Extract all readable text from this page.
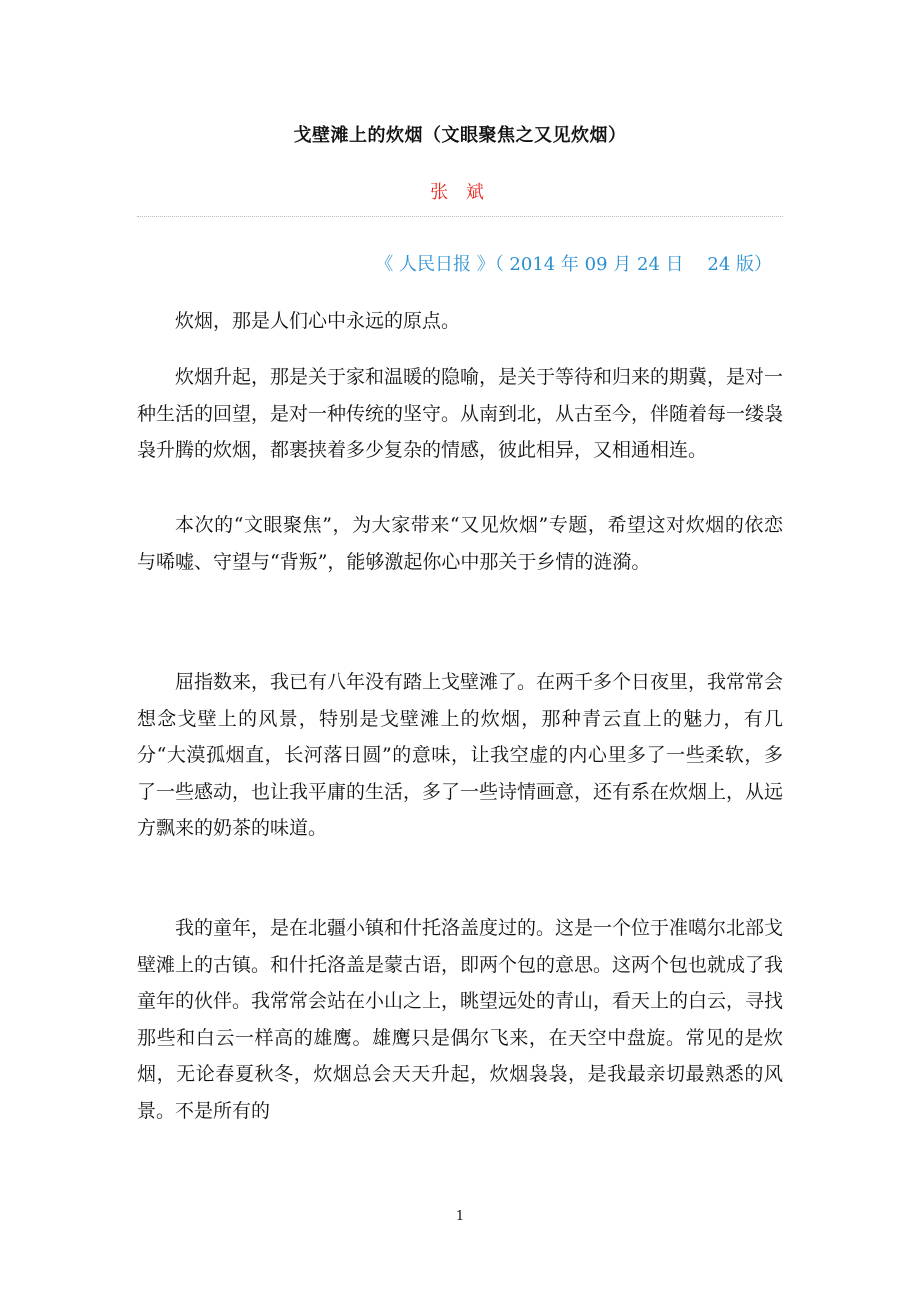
戈壁滩上的炊烟（文眼聚焦之又见炊烟）
张 斌
《 人民日报 》（ 2014 年 09 月 24 日　 24 版）

炊烟，那是人们心中永远的原点。

炊烟升起，那是关于家和温暖的隐喻，是关于等待和归来的期冀，是对一种生活的回望，是对一种传统的坚守。从南到北，从古至今，伴随着每一缕袅袅升腾的炊烟，都裹挟着多少复杂的情感，彼此相异，又相通相连。

本次的“文眼聚焦”，为大家带来“又见炊烟”专题，希望这对炊烟的依恋与唏嘘、守望与“背叛”，能够激起你心中那关于乡情的涟漪。

屈指数来，我已有八年没有踏上戈壁滩了。在两千多个日夜里，我常常会想念戈壁上的风景，特别是戈壁滩上的炊烟，那种青云直上的魅力，有几分“大漠孤烟直，长河落日圆”的意味，让我空虚的内心里多了一些柔软，多了一些感动，也让我平庸的生活，多了一些诗情画意，还有系在炊烟上，从远方飘来的奶茶的味道。

我的童年，是在北疆小镇和什托洛盖度过的。这是一个位于准噶尔北部戈壁滩上的古镇。和什托洛盖是蒙古语，即两个包的意思。这两个包也就成了我童年的伙伴。我常常会站在小山之上，眺望远处的青山，看天上的白云，寻找那些和白云一样高的雄鹰。雄鹰只是偶尔飞来，在天空中盘旋。常见的是炊烟，无论春夏秋冬，炊烟总会天天升起，炊烟袅袅，是我最亲切最熟悉的风景。不是所有的

1
